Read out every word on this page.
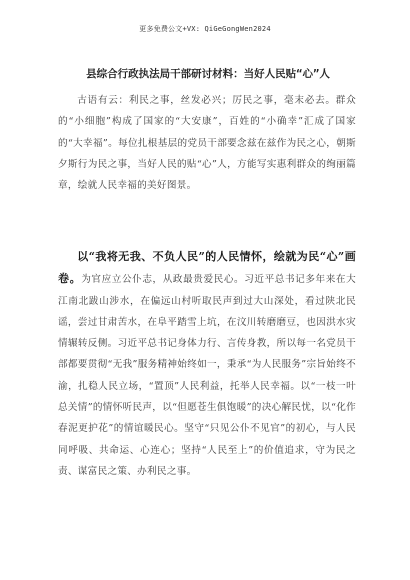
更多免费公文+VX: QiGeGongWen2024
县综合行政执法局干部研讨材料：当好人民贴“心”人
古语有云：利民之事，丝发必兴；厉民之事，毫末必去。群众的“小细胞”构成了国家的“大安康”，百姓的“小确幸”汇成了国家的“大幸福”。每位扎根基层的党员干部要念兹在兹作为民之心，朝斯夕斯行为民之事，当好人民的贴“心”人，方能写实惠利群众的绚丽篇章，绘就人民幸福的美好图景。
以“我将无我、不负人民”的人民情怀，绘就为民“心”画卷。为官应立公仆志，从政最贵爱民心。习近平总书记多年来在大江南北跋山涉水，在偏远山村听取民声到过大山深处，看过陕北民谣，尝过甘肃苦水，在阜平踏雪上坑，在汶川转磨磨豆，也因洪水灾情辗转反侧。习近平总书记身体力行、言传身教，所以每一名党员干部都要贯彻“无我”服务精神始终如一，秉承“为人民服务”宗旨始终不渝，扎稳人民立场，“置顶”人民利益，托举人民幸福。以“一枝一叶总关情”的情怀听民声，以“但愿苍生俱饱暖”的决心解民忧，以“化作春泥更护花”的情谊暖民心。坚守“只见公仆不见官”的初心，与人民同呼吸、共命运、心连心；坚持“人民至上”的价值追求，守为民之责、谋富民之策、办利民之事。
